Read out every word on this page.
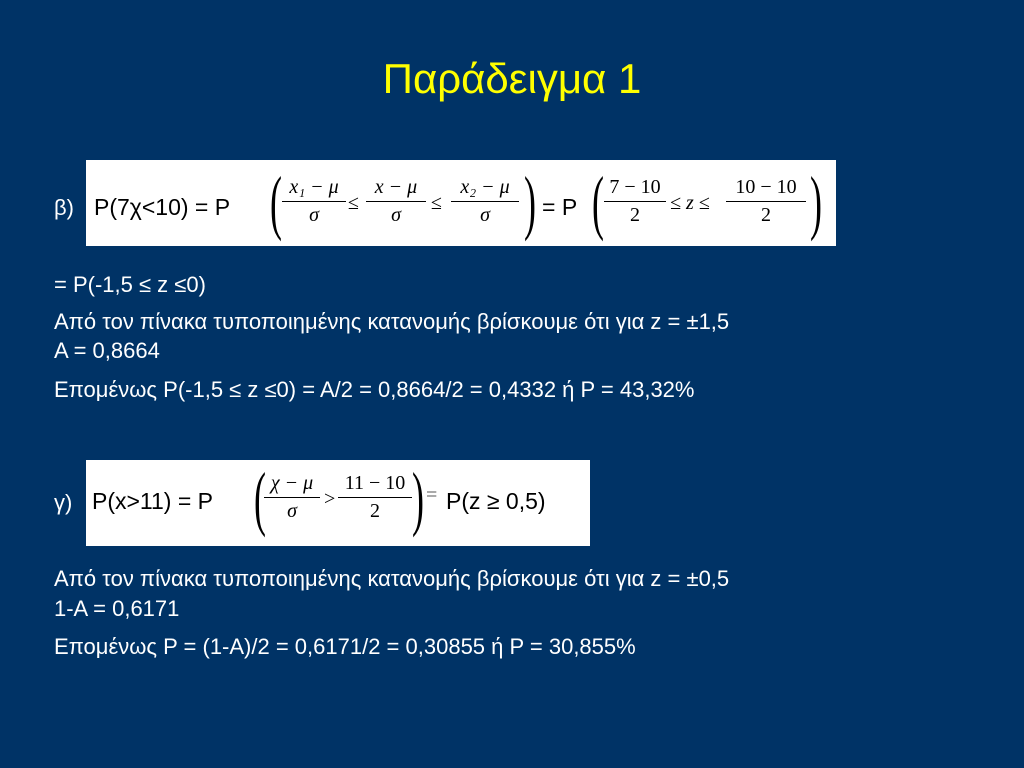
Παράδειγμα 1
β) P(7χ<10) = P ( x₁ − μ
σ
≤
x − μ
σ
≤
x₂ − μ
σ ) = P ( 7 − 10
2
≤ z ≤
10 − 10
2 )
= P(-1,5 ≤ z ≤0)
Από τον πίνακα τυποποιημένης κατανομής βρίσκουμε ότι για z = ±1,5
A = 0,8664
Επομένως P(-1,5 ≤ z ≤0) = A/2 = 0,8664/2 = 0,4332 ή P = 43,32%
γ) P(x>11) = P ( χ − μ
σ
>
11 − 10
2 ) = P(z ≥ 0,5)
Από τον πίνακα τυποποιημένης κατανομής βρίσκουμε ότι για z = ±0,5
1-A = 0,6171
Επομένως P = (1-A)/2 = 0,6171/2 = 0,30855 ή P = 30,855%
